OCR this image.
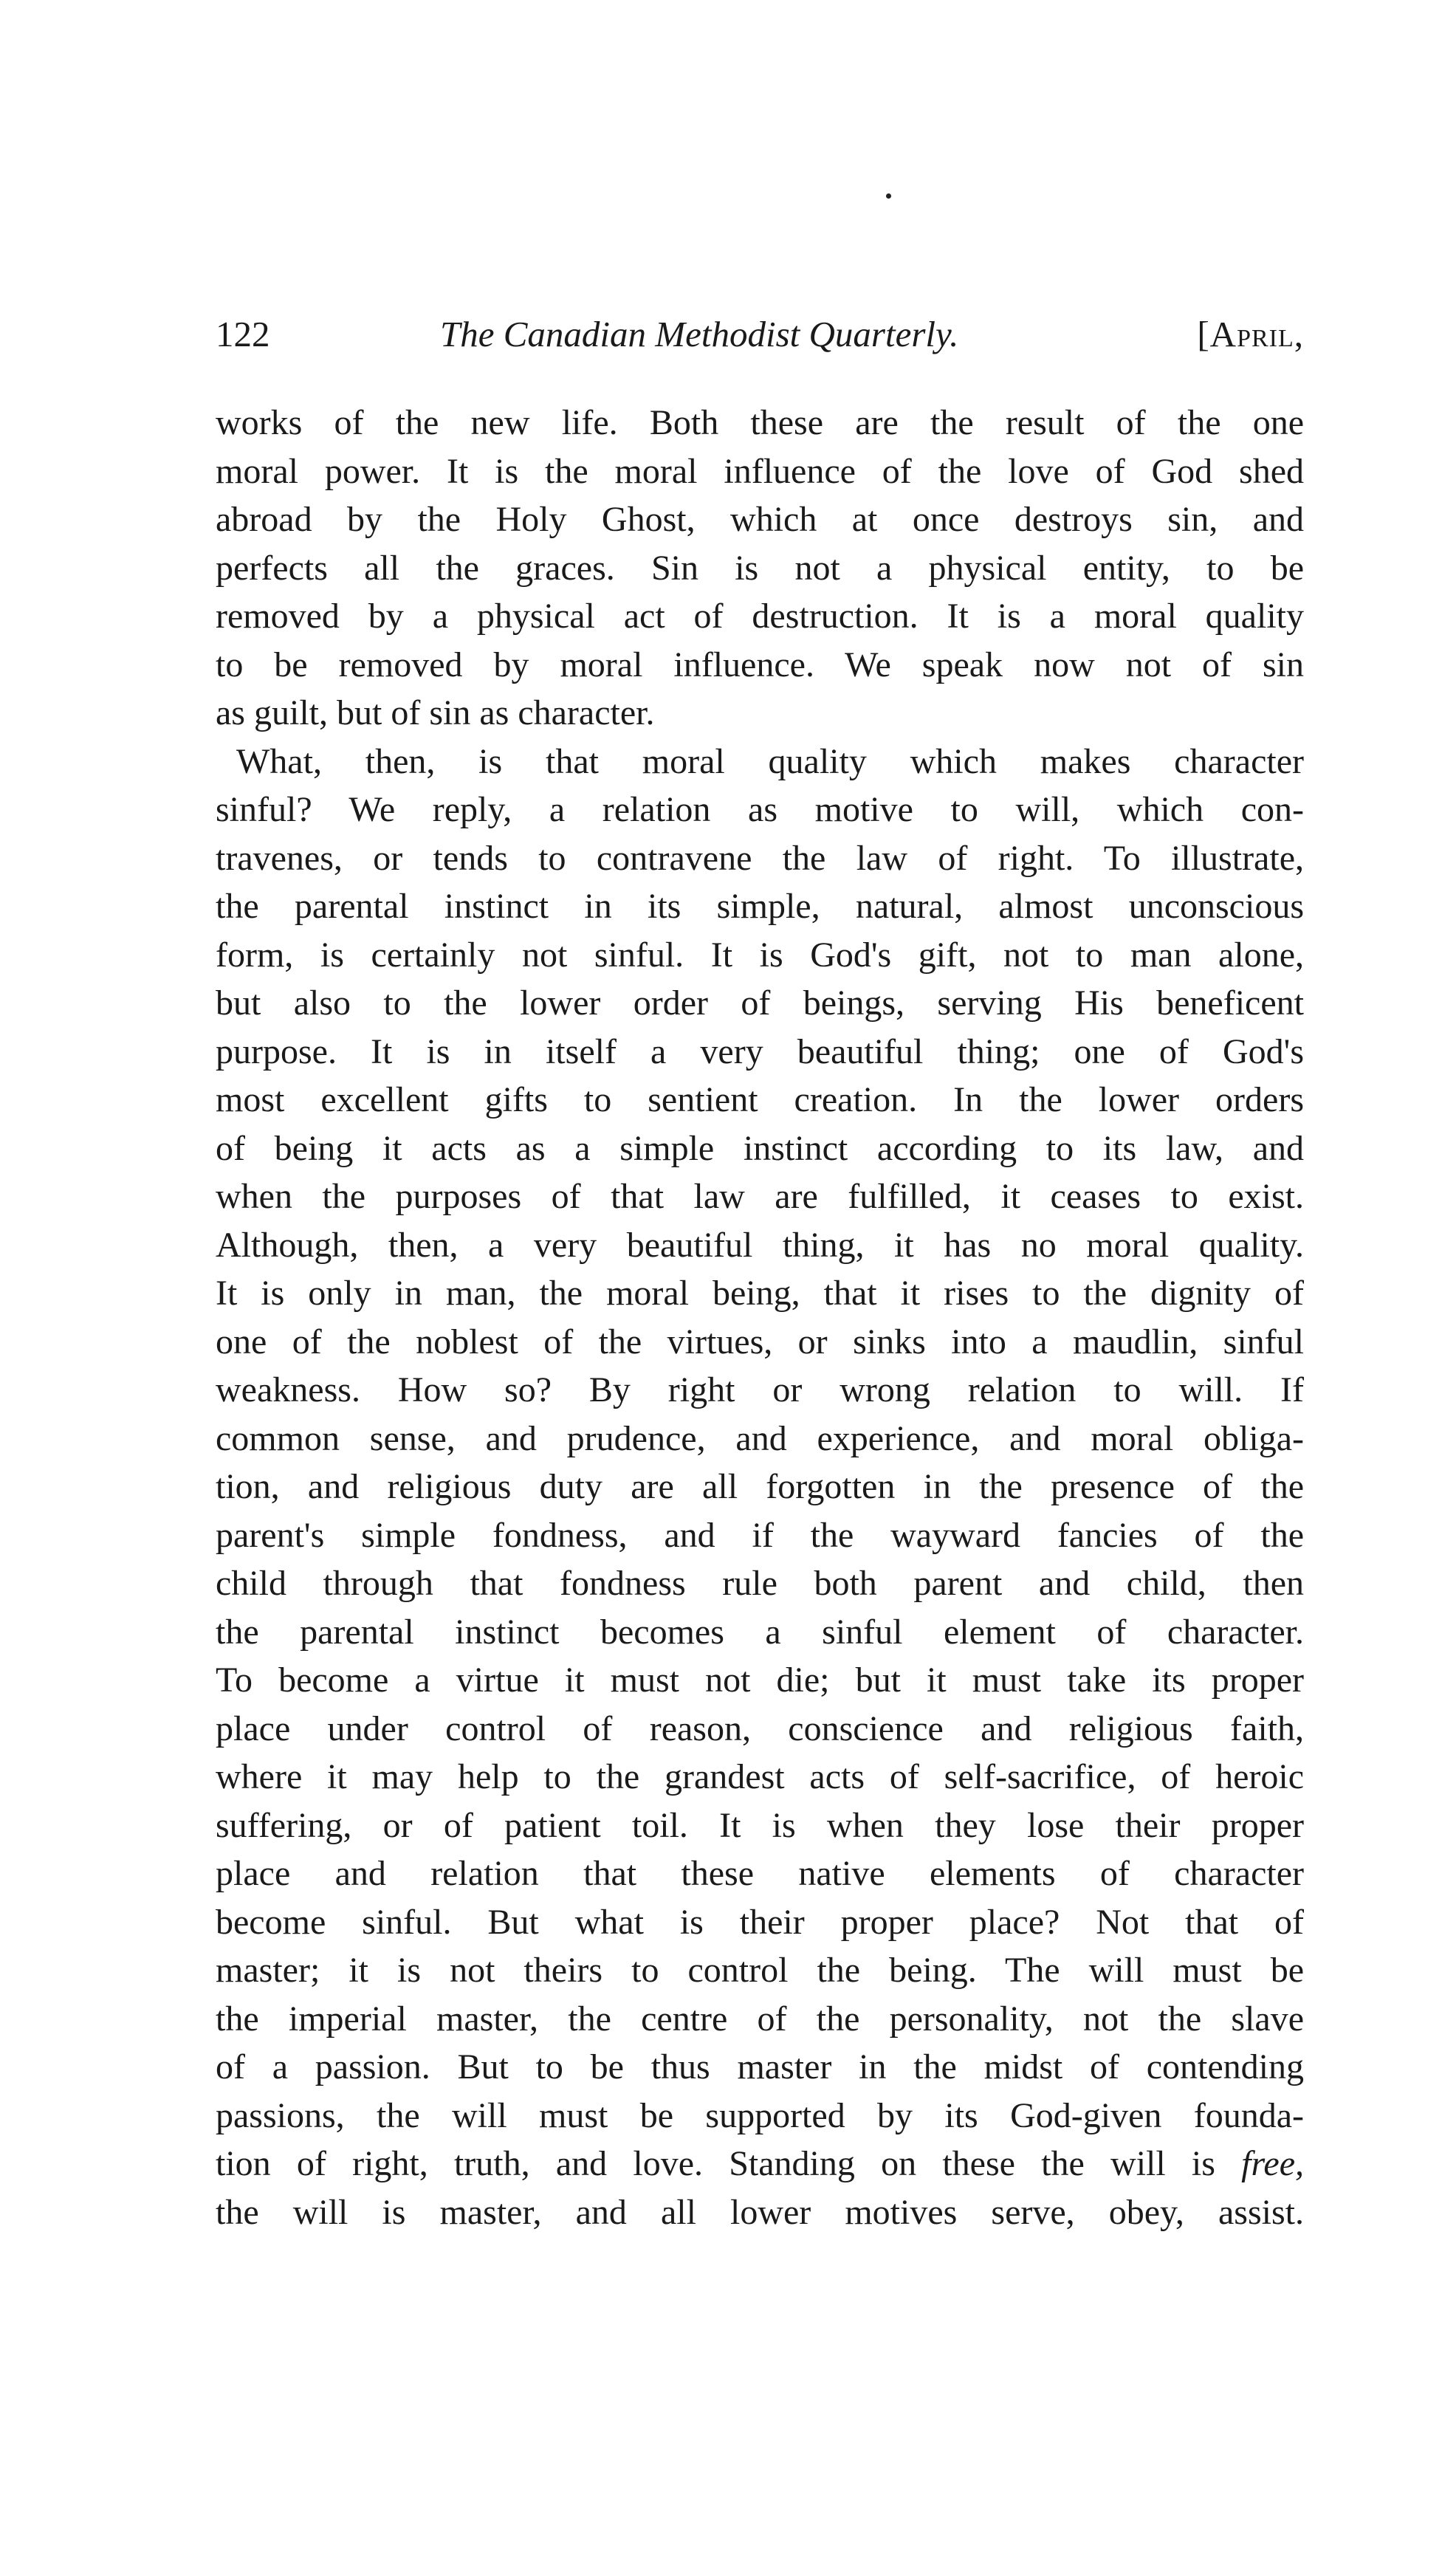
122	The Canadian Methodist Quarterly.	[April,
works of the new life. Both these are the result of the one
moral power. It is the moral influence of the love of God shed
abroad by the Holy Ghost, which at once destroys sin, and
perfects all the graces. Sin is not a physical entity, to be
removed by a physical act of destruction. It is a moral quality
to be removed by moral influence. We speak now not of sin
as guilt, but of sin as character.
What, then, is that moral quality which makes character
sinful? We reply, a relation as motive to will, which con-
travenes, or tends to contravene the law of right. To illustrate,
the parental instinct in its simple, natural, almost unconscious
form, is certainly not sinful. It is God's gift, not to man alone,
but also to the lower order of beings, serving His beneficent
purpose. It is in itself a very beautiful thing; one of God's
most excellent gifts to sentient creation. In the lower orders
of being it acts as a simple instinct according to its law, and
when the purposes of that law are fulfilled, it ceases to exist.
Although, then, a very beautiful thing, it has no moral quality.
It is only in man, the moral being, that it rises to the dignity of
one of the noblest of the virtues, or sinks into a maudlin, sinful
weakness. How so? By right or wrong relation to will. If
common sense, and prudence, and experience, and moral obliga-
tion, and religious duty are all forgotten in the presence of the
parent's simple fondness, and if the wayward fancies of the
child through that fondness rule both parent and child, then
the parental instinct becomes a sinful element of character.
To become a virtue it must not die; but it must take its proper
place under control of reason, conscience and religious faith,
where it may help to the grandest acts of self-sacrifice, of heroic
suffering, or of patient toil. It is when they lose their proper
place and relation that these native elements of character
become sinful. But what is their proper place? Not that of
master; it is not theirs to control the being. The will must be
the imperial master, the centre of the personality, not the slave
of a passion. But to be thus master in the midst of contending
passions, the will must be supported by its God-given founda-
tion of right, truth, and love. Standing on these the will is free,
the will is master, and all lower motives serve, obey, assist.
